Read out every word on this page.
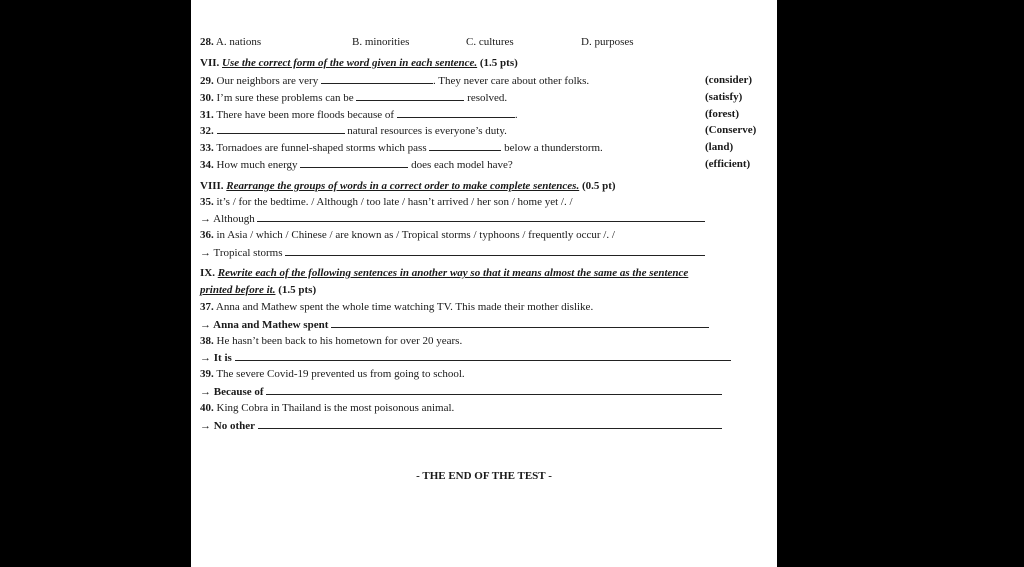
28. A. nations	B. minorities	C. cultures	D. purposes
VII. Use the correct form of the word given in each sentence. (1.5 pts)
29. Our neighbors are very	. They never care about other folks.	(consider)
30. I’m sure these problems can be	resolved.	(satisfy)
31. There have been more floods because of	.	(forest)
32.	natural resources is everyone’s duty.	(Conserve)
33. Tornadoes are funnel-shaped storms which pass	below a thunderstorm.	(land)
34. How much energy	does each model have?	(efficient)
VIII. Rearrange the groups of words in a correct order to make complete sentences. (0.5 pt)
35. it’s / for the bedtime. / Although / too late / hasn’t arrived / her son / home yet /. /
→ Although
36. in Asia / which / Chinese / are known as / Tropical storms / typhoons / frequently occur /. /
→ Tropical storms
IX. Rewrite each of the following sentences in another way so that it means almost the same as the sentence
printed before it. (1.5 pts)
37. Anna and Mathew spent the whole time watching TV. This made their mother dislike.
→ Anna and Mathew spent
38. He hasn’t been back to his hometown for over 20 years.
→ It is
39. The severe Covid-19 prevented us from going to school.
→ Because of
40. King Cobra in Thailand is the most poisonous animal.
→ No other
- THE END OF THE TEST -
